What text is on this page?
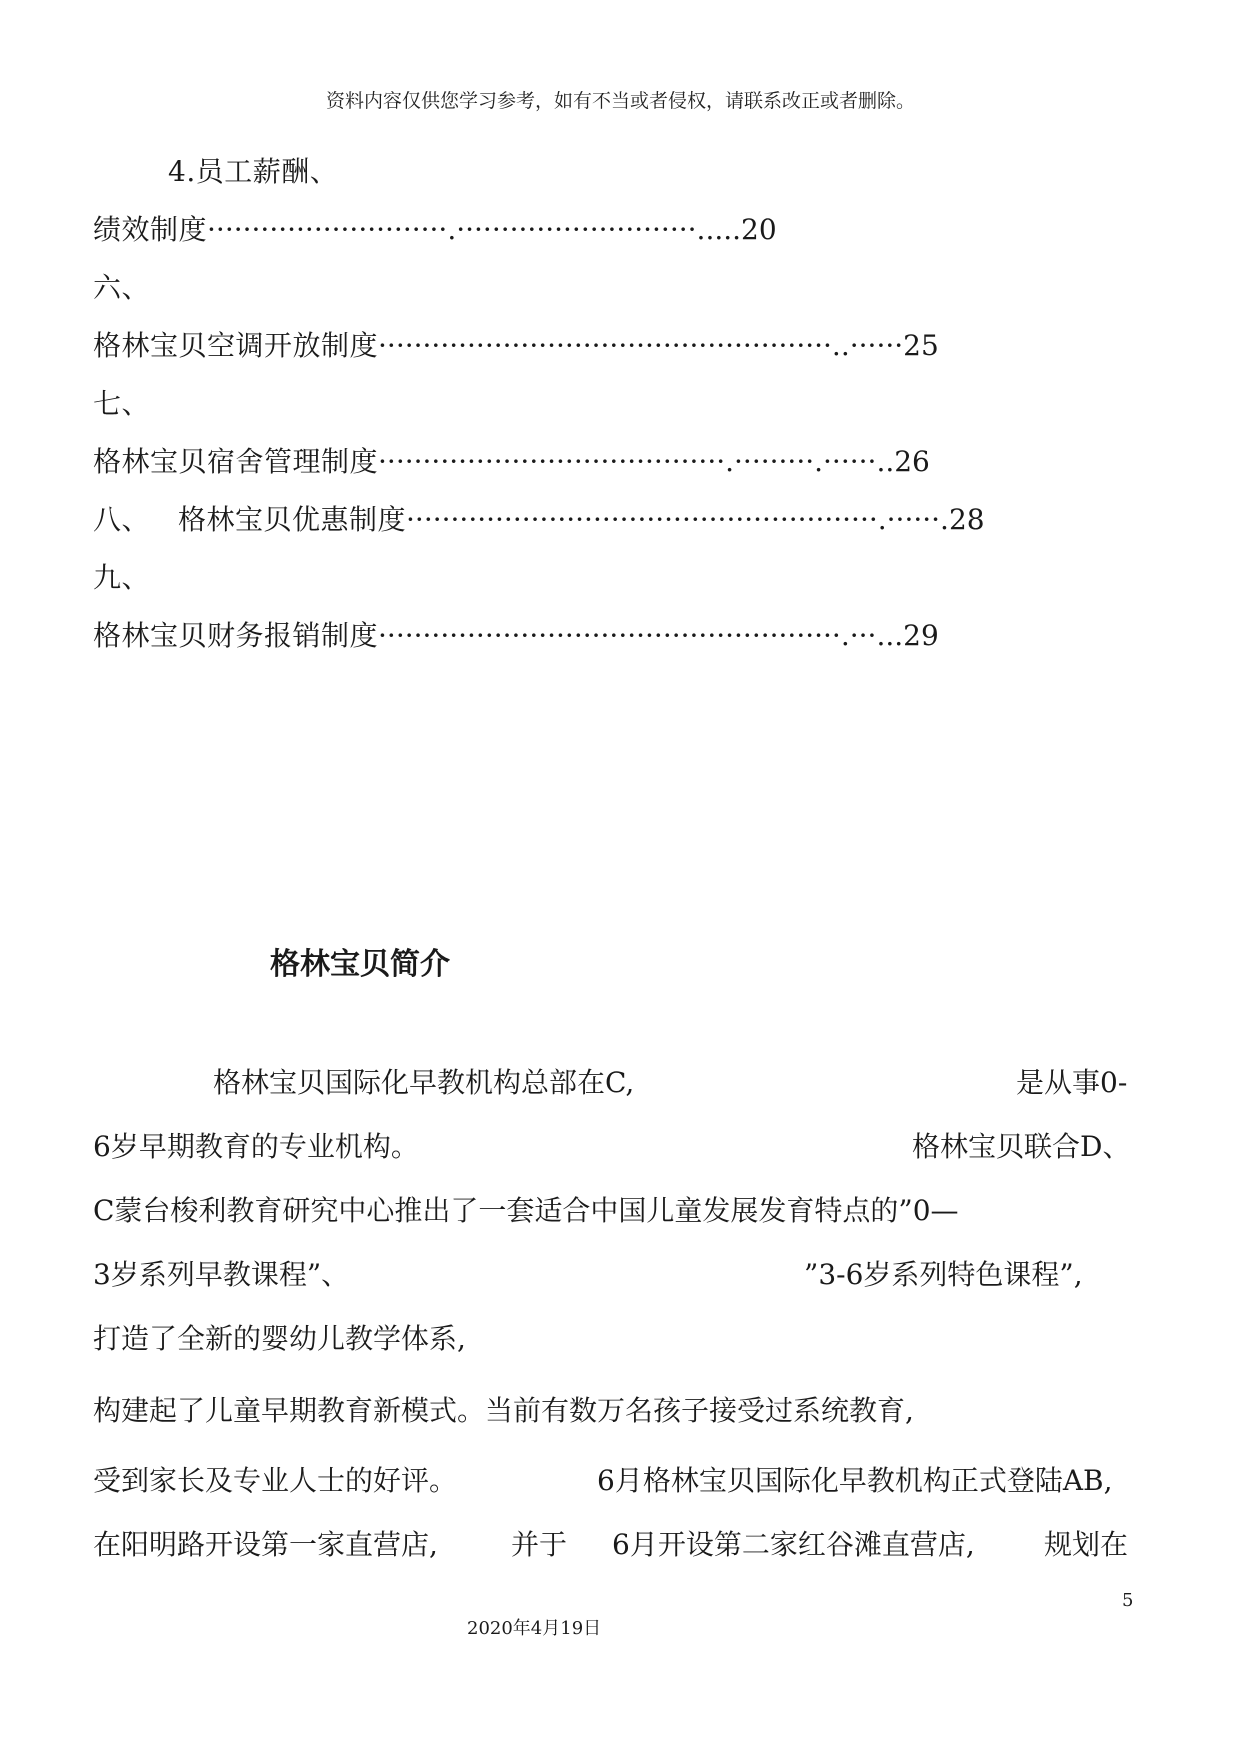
资料内容仅供您学习参考，如有不当或者侵权，请联系改正或者删除。
4.员工薪酬、
绩效制度···························.···························.....20
六、
格林宝贝空调开放制度···················································..······25
七、
格林宝贝宿舍管理制度·······································.·········.······..26
八、 格林宝贝优惠制度·····················································.······.28
九、
格林宝贝财务报销制度····················································.···...29
格林宝贝简介
格林宝贝国际化早教机构总部在C,	是从事0-
6岁早期教育的专业机构。	格林宝贝联合D、
C蒙台梭利教育研究中心推出了一套适合中国儿童发展发育特点的”0—
3岁系列早教课程”、	”3-6岁系列特色课程”,
打造了全新的婴幼儿教学体系,
构建起了儿童早期教育新模式。当前有数万名孩子接受过系统教育,
受到家长及专业人士的好评。	6月格林宝贝国际化早教机构正式登陆AB,
在阳明路开设第一家直营店,	并于 6月开设第二家红谷滩直营店, 规划在
5
2020年4月19日
